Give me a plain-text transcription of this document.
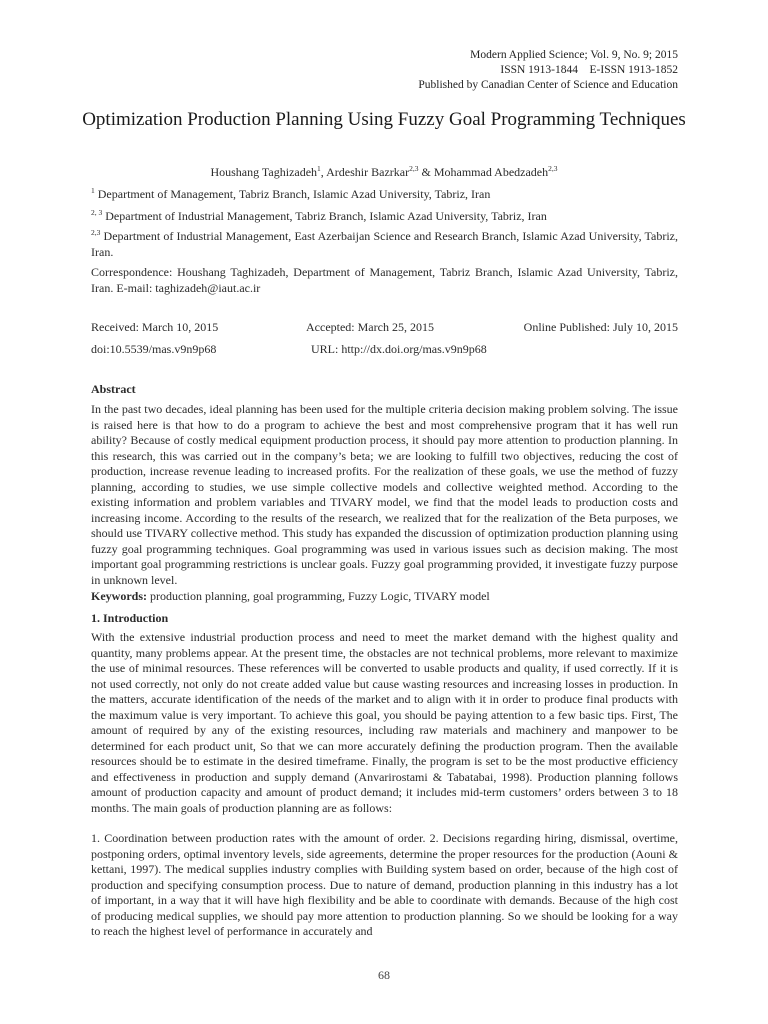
Modern Applied Science; Vol. 9, No. 9; 2015
ISSN 1913-1844    E-ISSN 1913-1852
Published by Canadian Center of Science and Education
Optimization Production Planning Using Fuzzy Goal Programming Techniques
Houshang Taghizadeh$^1$, Ardeshir Bazrkar$^{2,3}$ & Mohammad Abedzadeh$^{2,3}$
$^1$ Department of Management, Tabriz Branch, Islamic Azad University, Tabriz, Iran
$^{2, 3}$ Department of Industrial Management, Tabriz Branch, Islamic Azad University, Tabriz, Iran
$^{2,3}$ Department of Industrial Management, East Azerbaijan Science and Research Branch, Islamic Azad University, Tabriz, Iran.
Correspondence: Houshang Taghizadeh, Department of Management, Tabriz Branch, Islamic Azad University, Tabriz, Iran. E-mail: taghizadeh@iaut.ac.ir
Received: March 10, 2015	Accepted: March 25, 2015	Online Published: July 10, 2015
doi:10.5539/mas.v9n9p68	URL: http://dx.doi.org/mas.v9n9p68
Abstract

In the past two decades, ideal planning has been used for the multiple criteria decision making problem solving. The issue is raised here is that how to do a program to achieve the best and most comprehensive program that it has well run ability? Because of costly medical equipment production process, it should pay more attention to production planning. In this research, this was carried out in the company’s beta; we are looking to fulfill two objectives, reducing the cost of production, increase revenue leading to increased profits. For the realization of these goals, we use the method of fuzzy planning, according to studies, we use simple collective models and collective weighted method. According to the existing information and problem variables and TIVARY model, we find that the model leads to production costs and increasing income. According to the results of the research, we realized that for the realization of the Beta purposes, we should use TIVARY collective method. This study has expanded the discussion of optimization production planning using fuzzy goal programming techniques. Goal programming was used in various issues such as decision making. The most important goal programming restrictions is unclear goals. Fuzzy goal programming provided, it investigate fuzzy purpose in unknown level.

Keywords: production planning, goal programming, Fuzzy Logic, TIVARY model
1. Introduction

With the extensive industrial production process and need to meet the market demand with the highest quality and quantity, many problems appear. At the present time, the obstacles are not technical problems, more relevant to maximize the use of minimal resources. These references will be converted to usable products and quality, if used correctly. If it is not used correctly, not only do not create added value but cause wasting resources and increasing losses in production. In the matters, accurate identification of the needs of the market and to align with it in order to produce final products with the maximum value is very important. To achieve this goal, you should be paying attention to a few basic tips. First, The amount of required by any of the existing resources, including raw materials and machinery and manpower to be determined for each product unit, So that we can more accurately defining the production program. Then the available resources should be to estimate in the desired timeframe. Finally, the program is set to be the most productive efficiency and effectiveness in production and supply demand (Anvarirostami & Tabatabai, 1998). Production planning follows amount of production capacity and amount of product demand; it includes mid-term customers’ orders between 3 to 18 months. The main goals of production planning are as follows:

1. Coordination between production rates with the amount of order. 2. Decisions regarding hiring, dismissal, overtime, postponing orders, optimal inventory levels, side agreements, determine the proper resources for the production (Aouni & kettani, 1997). The medical supplies industry complies with Building system based on order, because of the high cost of production and specifying consumption process. Due to nature of demand, production planning in this industry has a lot of important, in a way that it will have high flexibility and be able to coordinate with demands. Because of the high cost of producing medical supplies, we should pay more attention to production planning. So we should be looking for a way to reach the highest level of performance in accurately and

68
